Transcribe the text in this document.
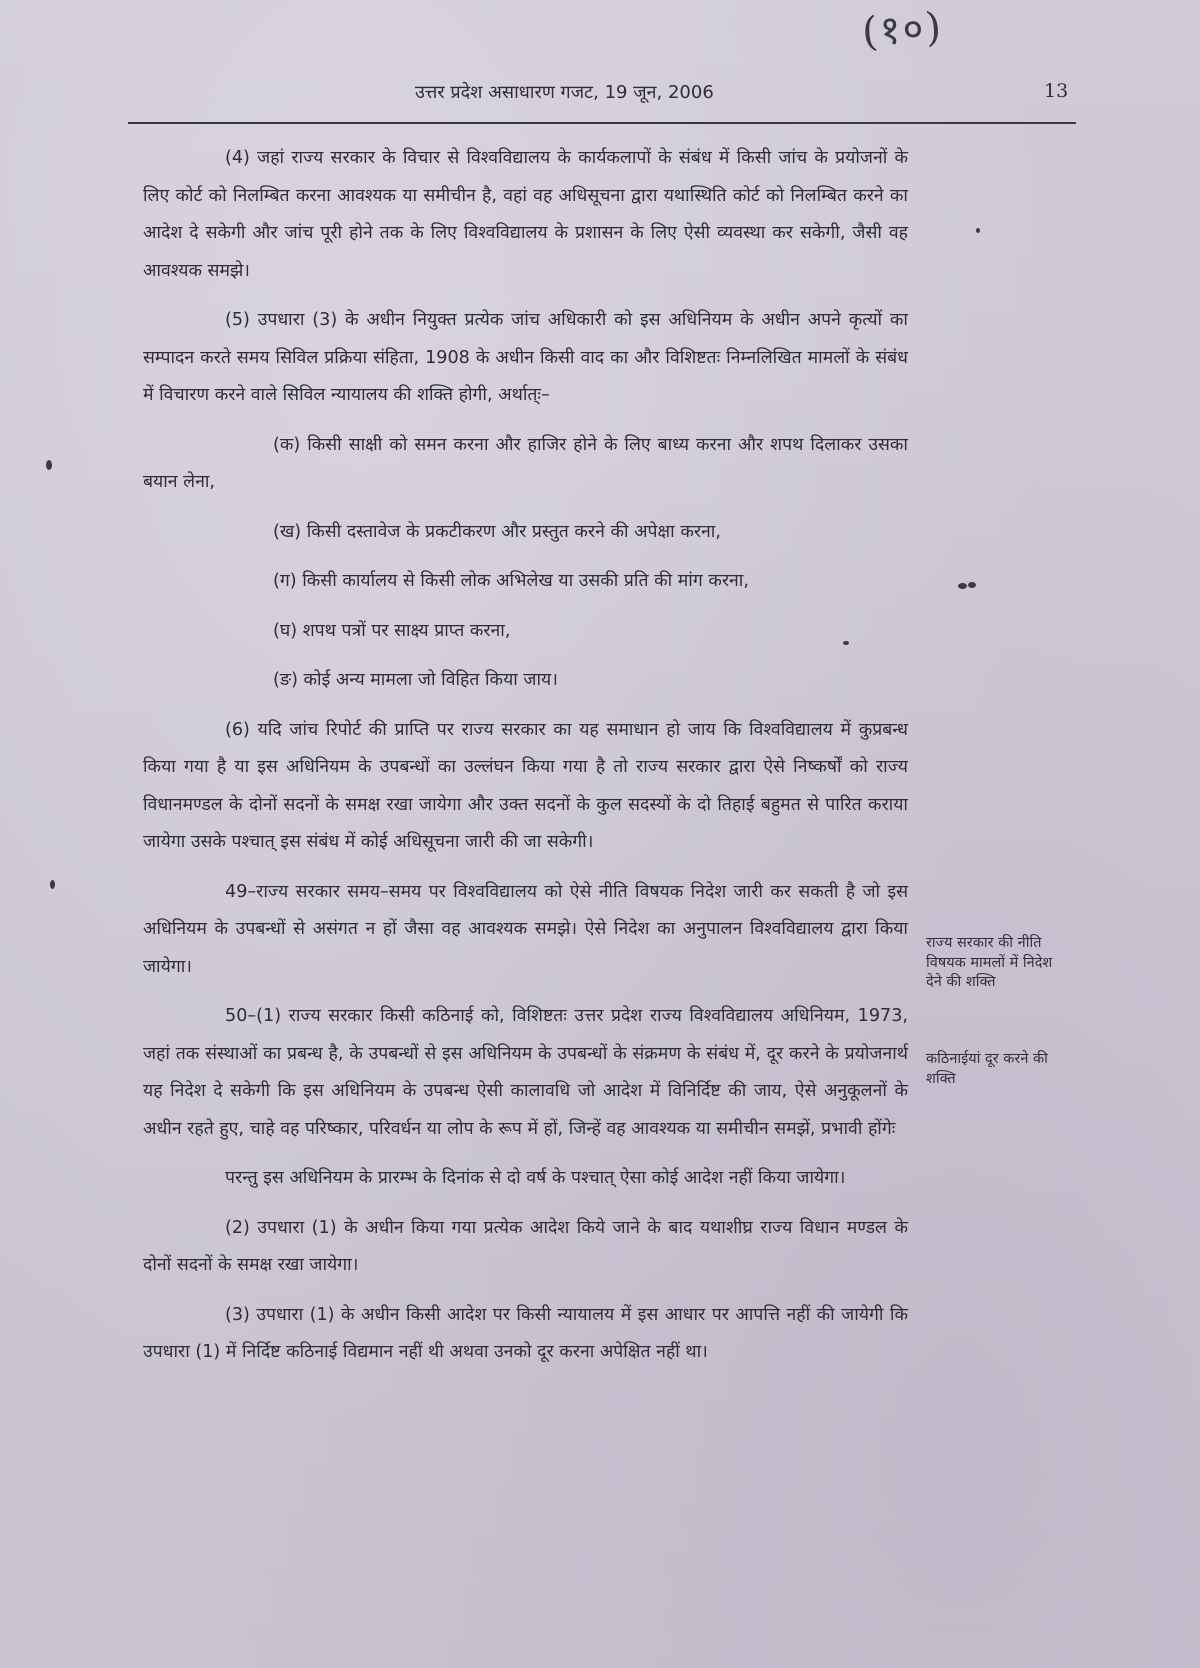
(१०)
उत्तर प्रदेश असाधारण गजट, 19 जून, 2006	13

(4) जहां राज्य सरकार के विचार से विश्वविद्यालय के कार्यकलापों के संबंध में किसी जांच के प्रयोजनों के लिए कोर्ट को निलम्बित करना आवश्यक या समीचीन है, वहां वह अधिसूचना द्वारा यथास्थिति कोर्ट को निलम्बित करने का आदेश दे सकेगी और जांच पूरी होने तक के लिए विश्वविद्यालय के प्रशासन के लिए ऐसी व्यवस्था कर सकेगी, जैसी वह आवश्यक समझे।

(5) उपधारा (3) के अधीन नियुक्त प्रत्येक जांच अधिकारी को इस अधिनियम के अधीन अपने कृत्यों का सम्पादन करते समय सिविल प्रक्रिया संहिता, 1908 के अधीन किसी वाद का और विशिष्टतः निम्नलिखित मामलों के संबंध में विचारण करने वाले सिविल न्यायालय की शक्ति होगी, अर्थात्ः–

(क) किसी साक्षी को समन करना और हाजिर होने के लिए बाध्य करना और शपथ दिलाकर उसका बयान लेना,

(ख) किसी दस्तावेज के प्रकटीकरण और प्रस्तुत करने की अपेक्षा करना,

(ग) किसी कार्यालय से किसी लोक अभिलेख या उसकी प्रति की मांग करना,

(घ) शपथ पत्रों पर साक्ष्य प्राप्त करना,

(ङ) कोई अन्य मामला जो विहित किया जाय।

(6) यदि जांच रिपोर्ट की प्राप्ति पर राज्य सरकार का यह समाधान हो जाय कि विश्वविद्यालय में कुप्रबन्ध किया गया है या इस अधिनियम के उपबन्धों का उल्लंघन किया गया है तो राज्य सरकार द्वारा ऐसे निष्कर्षों को राज्य विधानमण्डल के दोनों सदनों के समक्ष रखा जायेगा और उक्त सदनों के कुल सदस्यों के दो तिहाई बहुमत से पारित कराया जायेगा उसके पश्चात् इस संबंध में कोई अधिसूचना जारी की जा सकेगी।

49–राज्य सरकार समय–समय पर विश्वविद्यालय को ऐसे नीति विषयक निदेश जारी कर सकती है जो इस अधिनियम के उपबन्धों से असंगत न हों जैसा वह आवश्यक समझे। ऐसे निदेश का अनुपालन विश्वविद्यालय द्वारा किया जायेगा।

50–(1) राज्य सरकार किसी कठिनाई को, विशिष्टतः उत्तर प्रदेश राज्य विश्वविद्यालय अधिनियम, 1973, जहां तक संस्थाओं का प्रबन्ध है, के उपबन्धों से इस अधिनियम के उपबन्धों के संक्रमण के संबंध में, दूर करने के प्रयोजनार्थ यह निदेश दे सकेगी कि इस अधिनियम के उपबन्ध ऐसी कालावधि जो आदेश में विनिर्दिष्ट की जाय, ऐसे अनुकूलनों के अधीन रहते हुए, चाहे वह परिष्कार, परिवर्धन या लोप के रूप में हों, जिन्हें वह आवश्यक या समीचीन समझें, प्रभावी होंगेः

परन्तु इस अधिनियम के प्रारम्भ के दिनांक से दो वर्ष के पश्चात् ऐसा कोई आदेश नहीं किया जायेगा।

(2) उपधारा (1) के अधीन किया गया प्रत्येक आदेश किये जाने के बाद यथाशीघ्र राज्य विधान मण्डल के दोनों सदनों के समक्ष रखा जायेगा।

(3) उपधारा (1) के अधीन किसी आदेश पर किसी न्यायालय में इस आधार पर आपत्ति नहीं की जायेगी कि उपधारा (1) में निर्दिष्ट कठिनाई विद्यमान नहीं थी अथवा उनको दूर करना अपेक्षित नहीं था।

राज्य सरकार की नीति विषयक मामलों में निदेश देने की शक्ति
कठिनाईयां दूर करने की शक्ति
